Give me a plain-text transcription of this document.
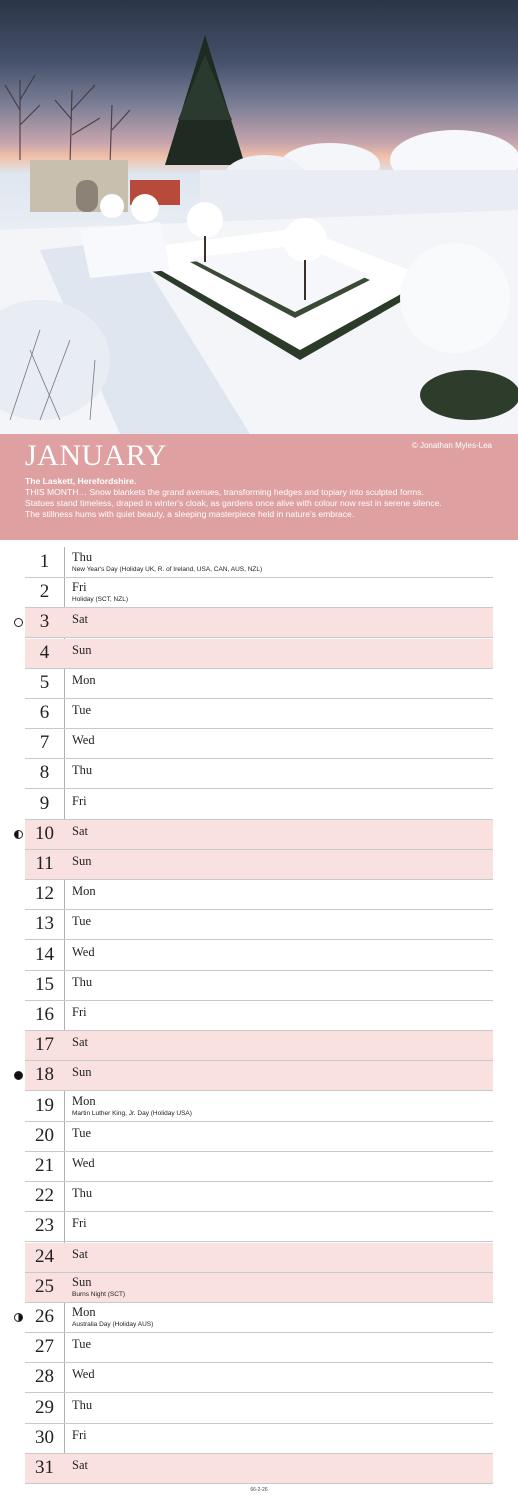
JANUARY	© Jonathan Myles-Lea
The Laskett, Herefordshire.
THIS MONTH… Snow blankets the grand avenues, transforming hedges and topiary into sculpted forms.
Statues stand timeless, draped in winter's cloak, as gardens once alive with colour now rest in serene silence.
The stillness hums with quiet beauty, a sleeping masterpiece held in nature's embrace.
1	Thu
New Year's Day (Holiday UK, R. of Ireland, USA, CAN, AUS, NZL)
2	Fri
Holiday (SCT, NZL)
3	Sat
4	Sun
5	Mon
6	Tue
7	Wed
8	Thu
9	Fri
10	Sat
11	Sun
12	Mon
13	Tue
14	Wed
15	Thu
16	Fri
17	Sat
18	Sun
19	Mon
Martin Luther King, Jr. Day (Holiday USA)
20	Tue
21	Wed
22	Thu
23	Fri
24	Sat
25	Sun
Burns Night (SCT)
26	Mon
Australia Day (Holiday AUS)
27	Tue
28	Wed
29	Thu
30	Fri
31	Sat
66-2-26
